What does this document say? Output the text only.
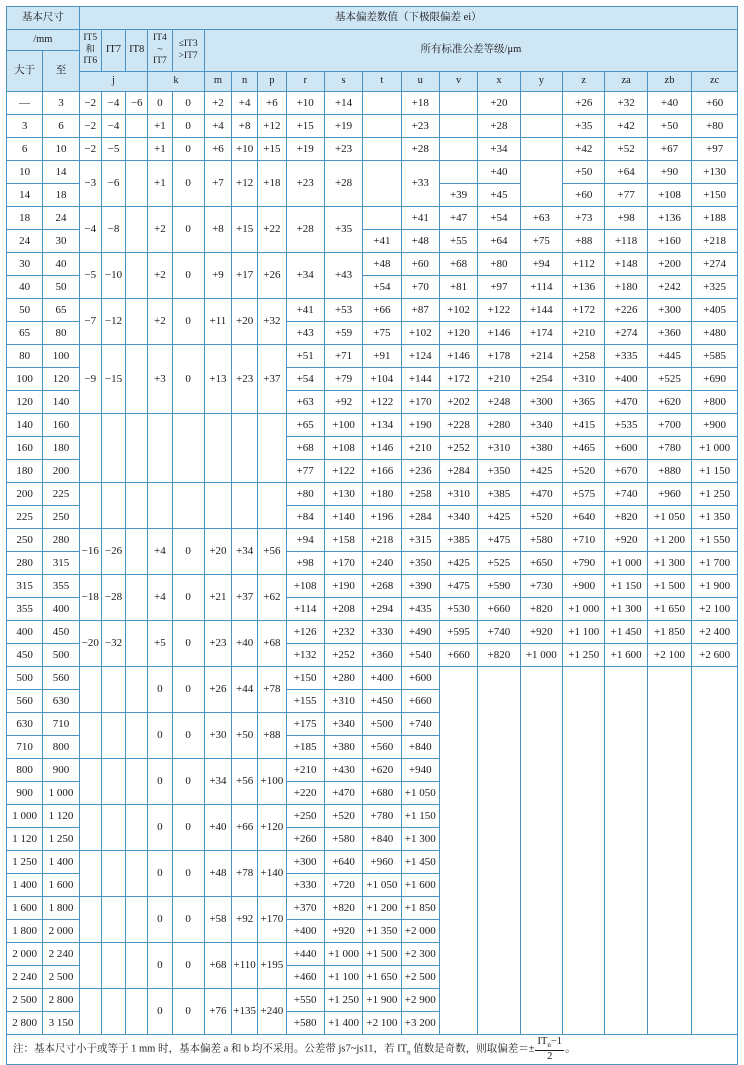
基本尺寸		基本偏差数值（下极限偏差 ei）																		
/mm		IT5
和
IT6	IT7	IT8	IT4
~
IT7	≤IT3
>IT7	所有标准公差等级/μm													
大于	至																			
		j			k		m	n	p	r	s	t	u	v	x	y	z	za	zb	zc
—	3	−2	−4	−6	0	0	+2	+4	+6	+10	+14		+18		+20		+26	+32	+40	+60
3	6	−2	−4		+1	0	+4	+8	+12	+15	+19		+23		+28		+35	+42	+50	+80
6	10	−2	−5		+1	0	+6	+10	+15	+19	+23		+28		+34		+42	+52	+67	+97
10	14	−3	−6		+1	0	+7	+12	+18	+23	+28		+33		+40		+50	+64	+90	+130
14	18													+39	+45		+60	+77	+108	+150
18	24	−4	−8		+2	0	+8	+15	+22	+28	+35		+41	+47	+54	+63	+73	+98	+136	+188
24	30											+41	+48	+55	+64	+75	+88	+118	+160	+218
30	40	−5	−10		+2	0	+9	+17	+26	+34	+43	+48	+60	+68	+80	+94	+112	+148	+200	+274
40	50											+54	+70	+81	+97	+114	+136	+180	+242	+325
50	65	−7	−12		+2	0	+11	+20	+32	+41	+53	+66	+87	+102	+122	+144	+172	+226	+300	+405
65	80									+43	+59	+75	+102	+120	+146	+174	+210	+274	+360	+480
80	100	−9	−15		+3	0	+13	+23	+37	+51	+71	+91	+124	+146	+178	+214	+258	+335	+445	+585
100	120									+54	+79	+104	+144	+172	+210	+254	+310	+400	+525	+690
120	140									+63	+92	+122	+170	+202	+248	+300	+365	+470	+620	+800
140	160									+65	+100	+134	+190	+228	+280	+340	+415	+535	+700	+900
160	180									+68	+108	+146	+210	+252	+310	+380	+465	+600	+780	+1 000
180	200									+77	+122	+166	+236	+284	+350	+425	+520	+670	+880	+1 150
200	225									+80	+130	+180	+258	+310	+385	+470	+575	+740	+960	+1 250
225	250									+84	+140	+196	+284	+340	+425	+520	+640	+820	+1 050	+1 350
250	280	−16	−26		+4	0	+20	+34	+56	+94	+158	+218	+315	+385	+475	+580	+710	+920	+1 200	+1 550
280	315									+98	+170	+240	+350	+425	+525	+650	+790	+1 000	+1 300	+1 700
315	355	−18	−28		+4	0	+21	+37	+62	+108	+190	+268	+390	+475	+590	+730	+900	+1 150	+1 500	+1 900
355	400									+114	+208	+294	+435	+530	+660	+820	+1 000	+1 300	+1 650	+2 100
400	450	−20	−32		+5	0	+23	+40	+68	+126	+232	+330	+490	+595	+740	+920	+1 100	+1 450	+1 850	+2 400
450	500									+132	+252	+360	+540	+660	+820	+1 000	+1 250	+1 600	+2 100	+2 600
500	560				0	0	+26	+44	+78	+150	+280	+400	+600							
560	630									+155	+310	+450	+660							
630	710				0	0	+30	+50	+88	+175	+340	+500	+740							
710	800									+185	+380	+560	+840							
800	900				0	0	+34	+56	+100	+210	+430	+620	+940							
900	1 000									+220	+470	+680	+1 050							
1 000	1 120				0	0	+40	+66	+120	+250	+520	+780	+1 150							
1 120	1 250									+260	+580	+840	+1 300							
1 250	1 400				0	0	+48	+78	+140	+300	+640	+960	+1 450							
1 400	1 600									+330	+720	+1 050	+1 600							
1 600	1 800				0	0	+58	+92	+170	+370	+820	+1 200	+1 850							
1 800	2 000									+400	+920	+1 350	+2 000							
2 000	2 240				0	0	+68	+110	+195	+440	+1 000	+1 500	+2 300							
2 240	2 500									+460	+1 100	+1 650	+2 500							
2 500	2 800				0	0	+76	+135	+240	+550	+1 250	+1 900	+2 900							
2 800	3 150									+580	+1 400	+2 100	+3 200							
注：基本尺寸小于或等于 1 mm 时，基本偏差 a 和 b 均不采用。公差带 js7~js11，若 $IT_n$ 值数是奇数，则取偏差＝± $\frac{IT_n-1}{2}$ 。																				
